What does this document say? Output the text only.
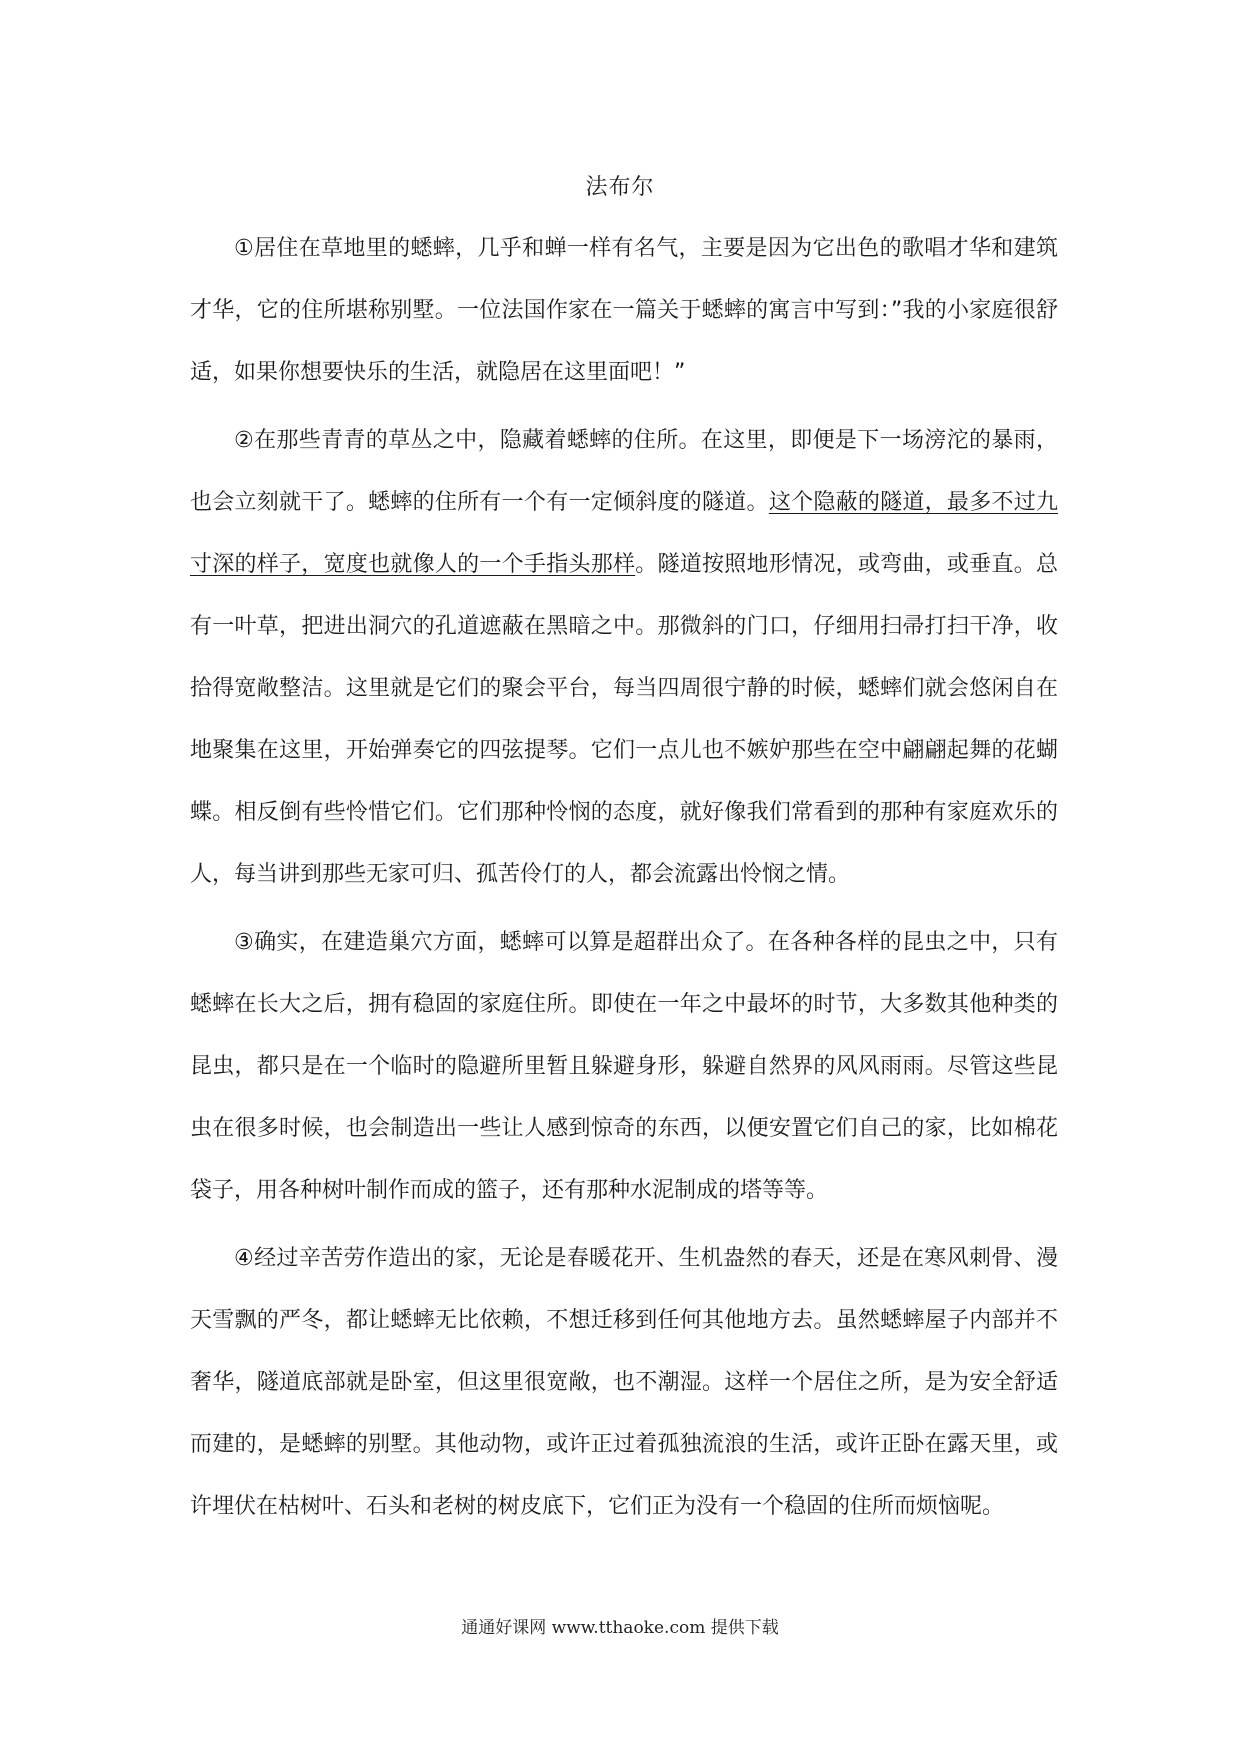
法布尔

①居住在草地里的蟋蟀，几乎和蝉一样有名气，主要是因为它出色的歌唱才华和建筑才华，它的住所堪称别墅。一位法国作家在一篇关于蟋蟀的寓言中写到：”我的小家庭很舒适，如果你想要快乐的生活，就隐居在这里面吧！”

②在那些青青的草丛之中，隐藏着蟋蟀的住所。在这里，即便是下一场滂沱的暴雨，也会立刻就干了。蟋蟀的住所有一个有一定倾斜度的隧道。这个隐蔽的隧道，最多不过九寸深的样子，宽度也就像人的一个手指头那样。隧道按照地形情况，或弯曲，或垂直。总有一叶草，把进出洞穴的孔道遮蔽在黑暗之中。那微斜的门口，仔细用扫帚打扫干净，收拾得宽敞整洁。这里就是它们的聚会平台，每当四周很宁静的时候，蟋蟀们就会悠闲自在地聚集在这里，开始弹奏它的四弦提琴。它们一点儿也不嫉妒那些在空中翩翩起舞的花蝴蝶。相反倒有些怜惜它们。它们那种怜悯的态度，就好像我们常看到的那种有家庭欢乐的人，每当讲到那些无家可归、孤苦伶仃的人，都会流露出怜悯之情。

③确实，在建造巢穴方面，蟋蟀可以算是超群出众了。在各种各样的昆虫之中，只有蟋蟀在长大之后，拥有稳固的家庭住所。即使在一年之中最坏的时节，大多数其他种类的昆虫，都只是在一个临时的隐避所里暂且躲避身形，躲避自然界的风风雨雨。尽管这些昆虫在很多时候，也会制造出一些让人感到惊奇的东西，以便安置它们自己的家，比如棉花袋子，用各种树叶制作而成的篮子，还有那种水泥制成的塔等等。

④经过辛苦劳作造出的家，无论是春暖花开、生机盎然的春天，还是在寒风刺骨、漫天雪飘的严冬，都让蟋蟀无比依赖，不想迁移到任何其他地方去。虽然蟋蟀屋子内部并不奢华，隧道底部就是卧室，但这里很宽敞，也不潮湿。这样一个居住之所，是为安全舒适而建的，是蟋蟀的别墅。其他动物，或许正过着孤独流浪的生活，或许正卧在露天里，或许埋伏在枯树叶、石头和老树的树皮底下，它们正为没有一个稳固的住所而烦恼呢。

通通好课网 www.tthaoke.com 提供下载
